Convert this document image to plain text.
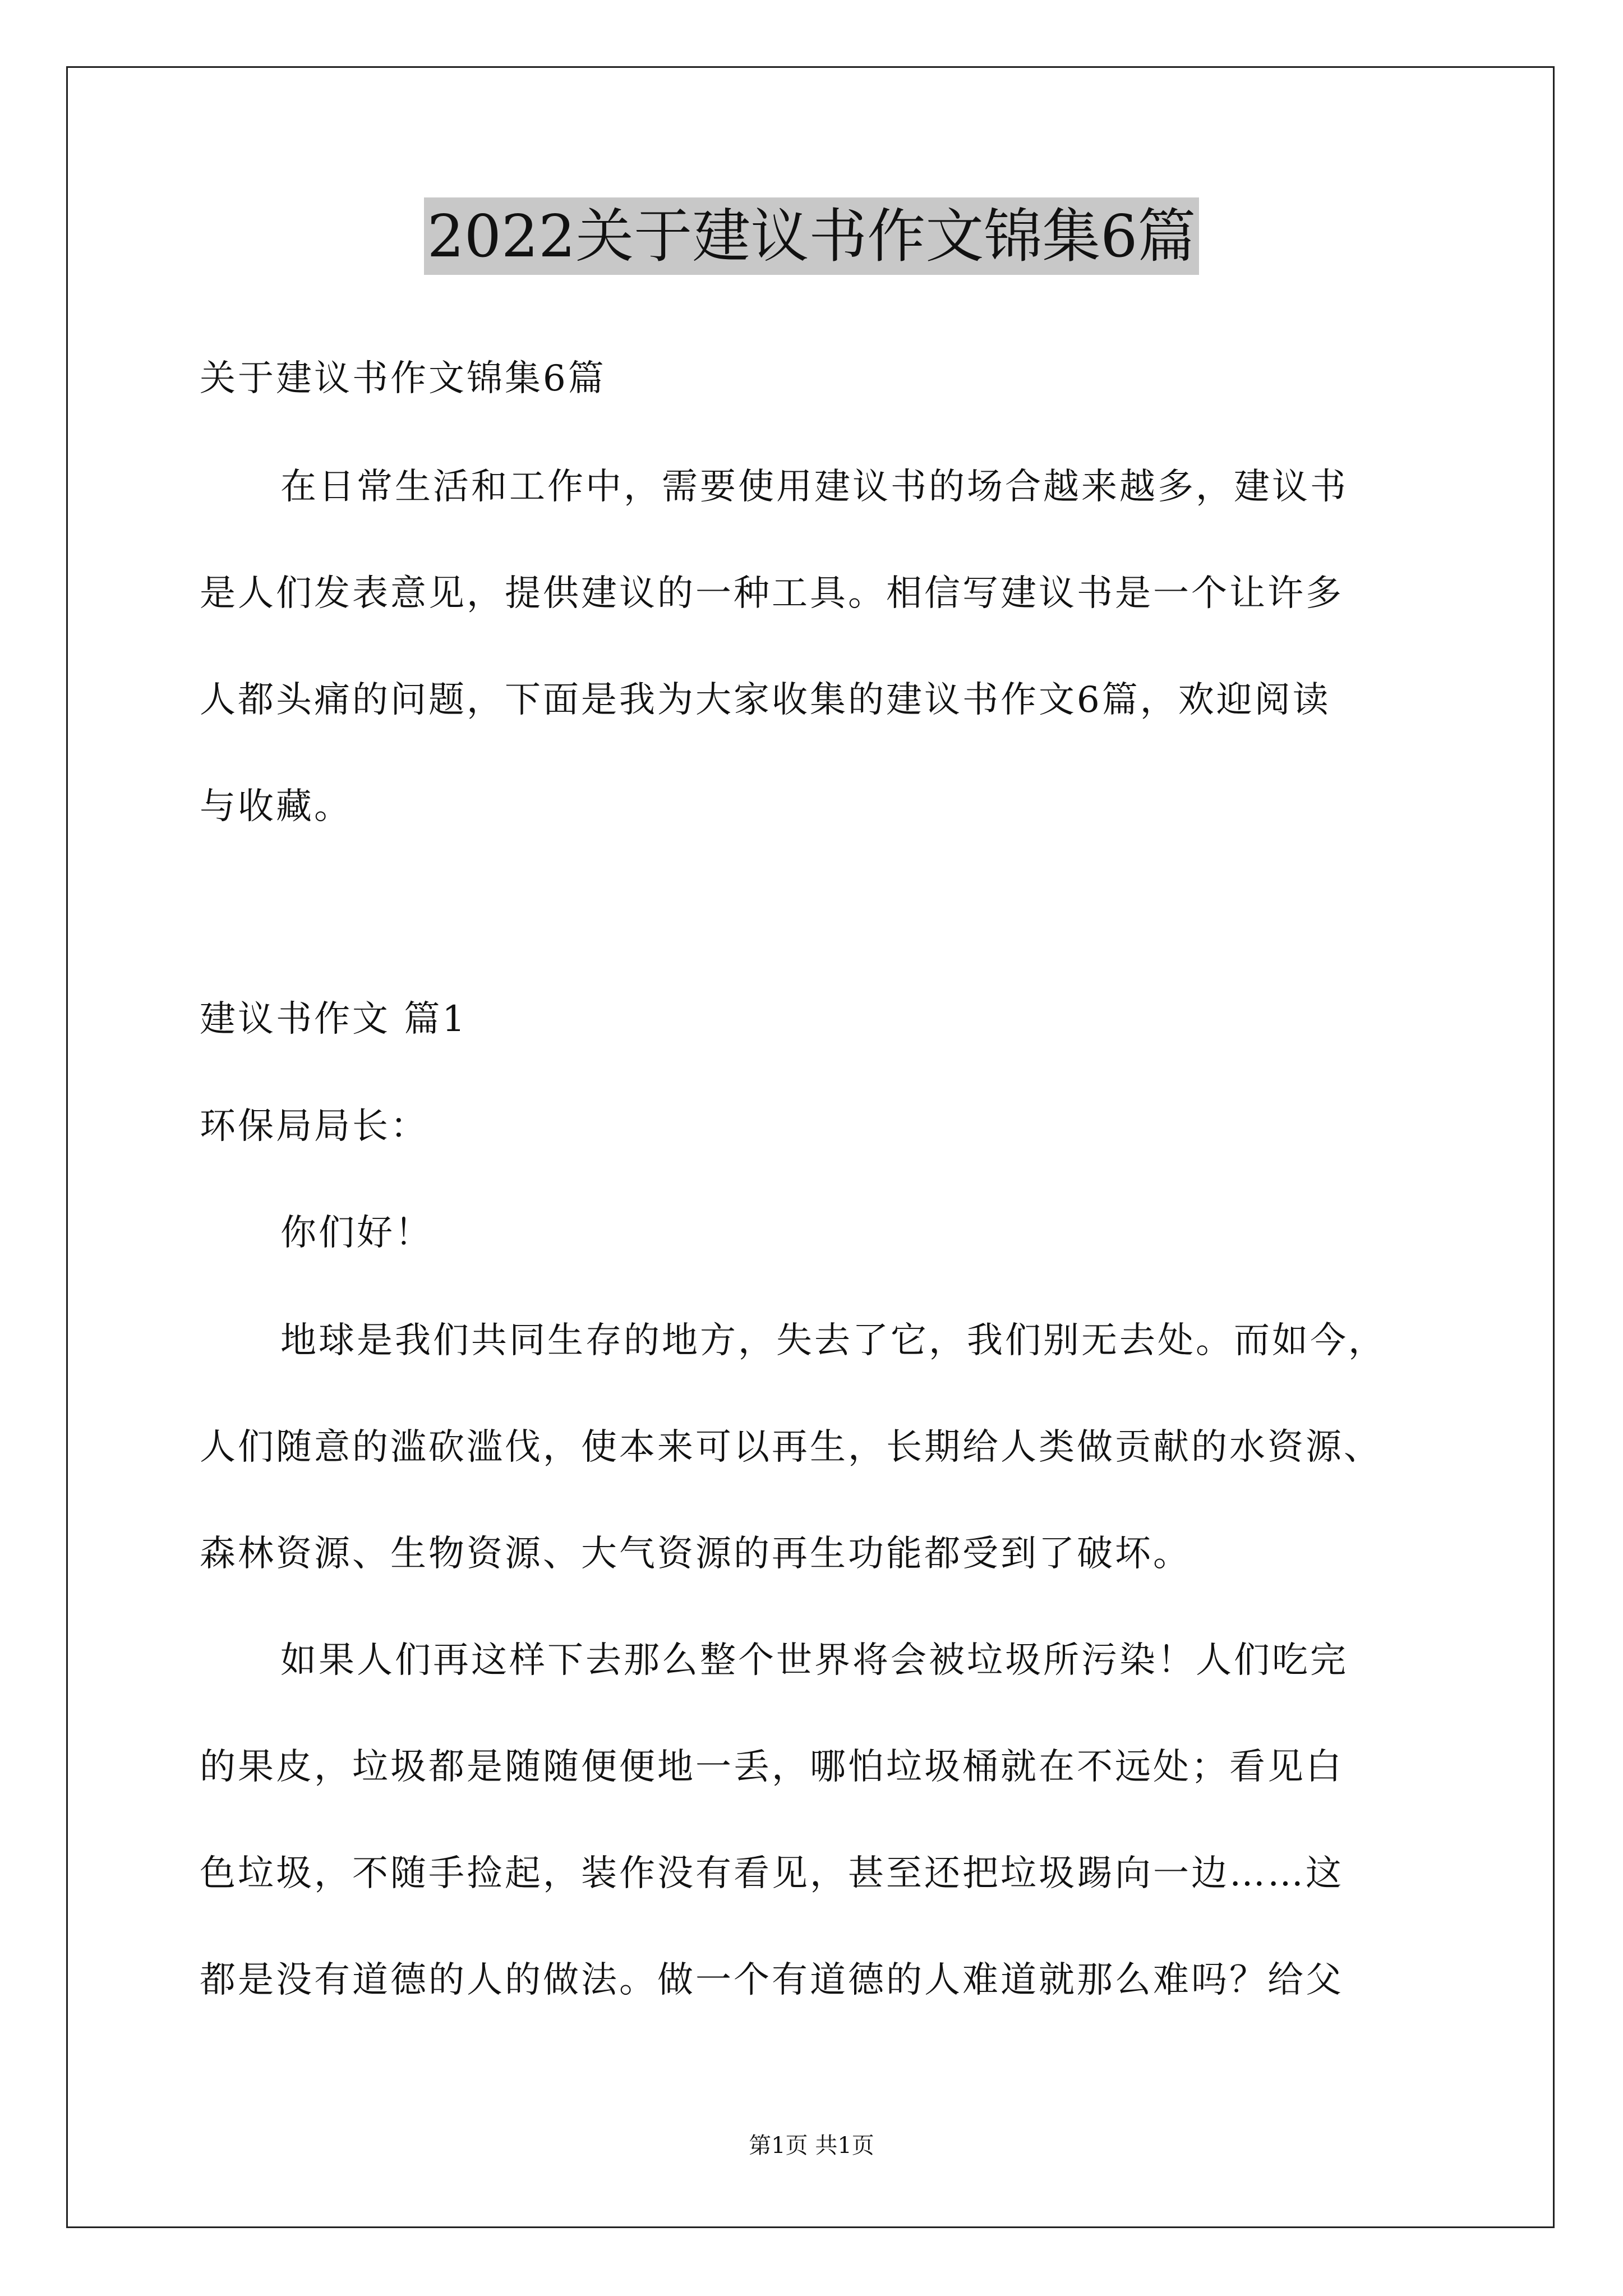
2022关于建议书作文锦集6篇
关于建议书作文锦集6篇
在日常生活和工作中，需要使用建议书的场合越来越多，建议书
是人们发表意见，提供建议的一种工具。相信写建议书是一个让许多
人都头痛的问题，下面是我为大家收集的建议书作文6篇，欢迎阅读
与收藏。
建议书作文 篇1
环保局局长：
你们好！
地球是我们共同生存的地方，失去了它，我们别无去处。而如今，
人们随意的滥砍滥伐，使本来可以再生，长期给人类做贡献的水资源、
森林资源、生物资源、大气资源的再生功能都受到了破坏。
如果人们再这样下去那么整个世界将会被垃圾所污染！人们吃完
的果皮，垃圾都是随随便便地一丢，哪怕垃圾桶就在不远处；看见白
色垃圾，不随手捡起，装作没有看见，甚至还把垃圾踢向一边……这
都是没有道德的人的做法。做一个有道德的人难道就那么难吗？给父
第1页 共1页
